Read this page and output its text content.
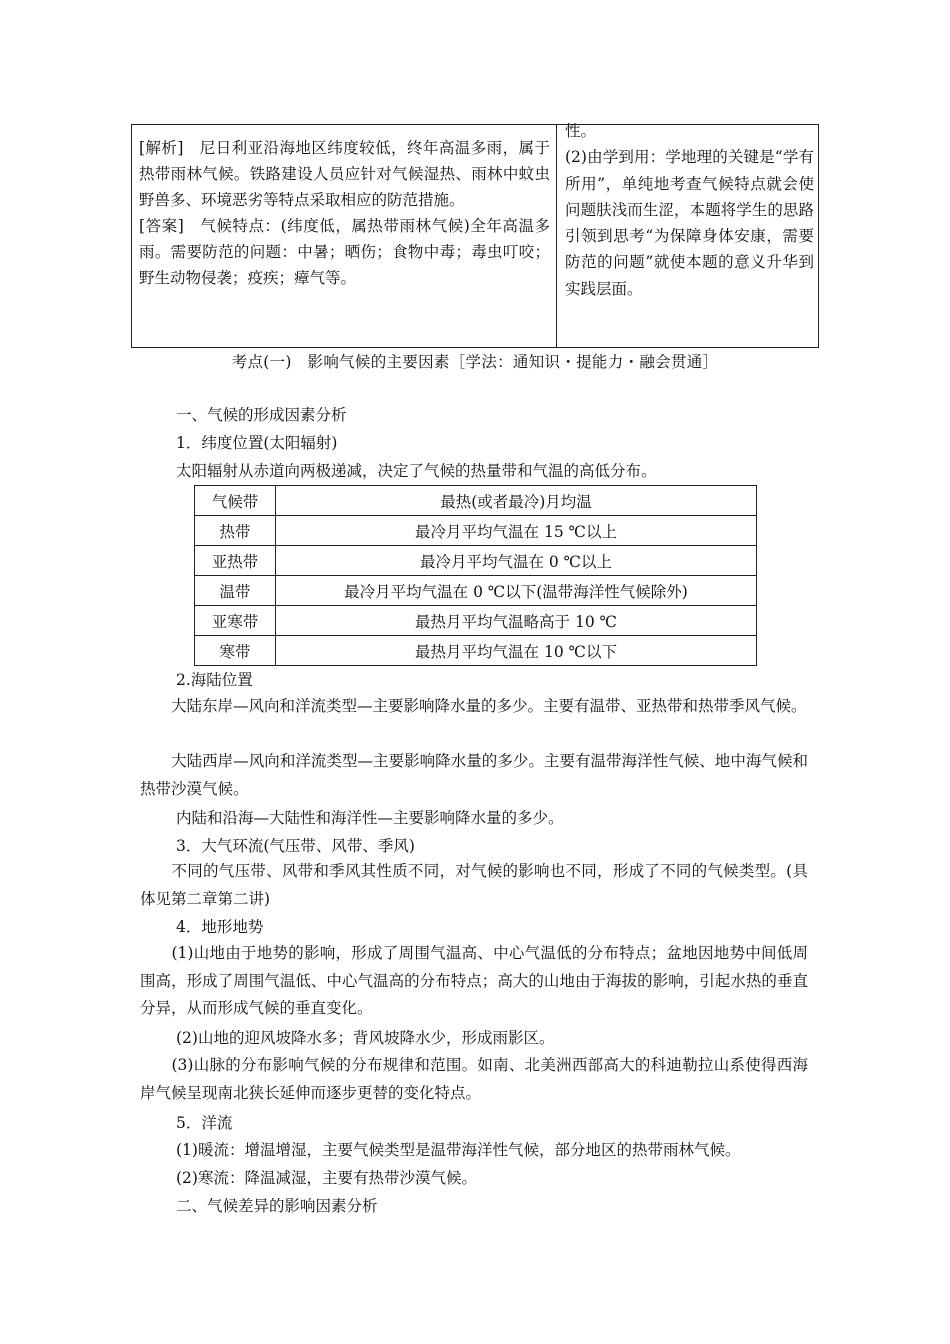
[解析]　尼日利亚沿海地区纬度较低，终年高温多雨，属于热带雨林气候。铁路建设人员应针对气候湿热、雨林中蚊虫野兽多、环境恶劣等特点采取相应的防范措施。

[答案]　气候特点：(纬度低，属热带雨林气候)全年高温多雨。需要防范的问题：中暑；晒伤；食物中毒；毒虫叮咬；野生动物侵袭；疫疾；瘴气等。

性。

(2)由学到用：学地理的关键是“学有所用”，单纯地考查气候特点就会使问题肤浅而生涩，本题将学生的思路引领到思考“为保障身体安康，需要防范的问题”就使本题的意义升华到实践层面。

考点(一)　影响气候的主要因素［学法：通知识・提能力・融会贯通］
一、气候的形成因素分析
1．纬度位置(太阳辐射)
太阳辐射从赤道向两极递减，决定了气候的热量带和气温的高低分布。
气候带	最热(或者最冷)月均温
热带	最冷月平均气温在 15 ℃以上
亚热带	最冷月平均气温在 0 ℃以上
温带	最冷月平均气温在 0 ℃以下(温带海洋性气候除外)
亚寒带	最热月平均气温略高于 10 ℃
寒带	最热月平均气温在 10 ℃以下
2.海陆位置
　　大陆东岸—风向和洋流类型—主要影响降水量的多少。主要有温带、亚热带和热带季风气候。
　　大陆西岸—风向和洋流类型—主要影响降水量的多少。主要有温带海洋性气候、地中海气候和热带沙漠气候。
内陆和沿海—大陆性和海洋性—主要影响降水量的多少。
3．大气环流(气压带、风带、季风)
　　不同的气压带、风带和季风其性质不同，对气候的影响也不同，形成了不同的气候类型。(具体见第二章第二讲)
4．地形地势
　　(1)山地由于地势的影响，形成了周围气温高、中心气温低的分布特点；盆地因地势中间低周围高，形成了周围气温低、中心气温高的分布特点；高大的山地由于海拔的影响，引起水热的垂直分异，从而形成气候的垂直变化。
(2)山地的迎风坡降水多；背风坡降水少，形成雨影区。
　　(3)山脉的分布影响气候的分布规律和范围。如南、北美洲西部高大的科迪勒拉山系使得西海岸气候呈现南北狭长延伸而逐步更替的变化特点。
5．洋流
(1)暖流：增温增湿，主要气候类型是温带海洋性气候，部分地区的热带雨林气候。
(2)寒流：降温减湿，主要有热带沙漠气候。
二、气候差异的影响因素分析
